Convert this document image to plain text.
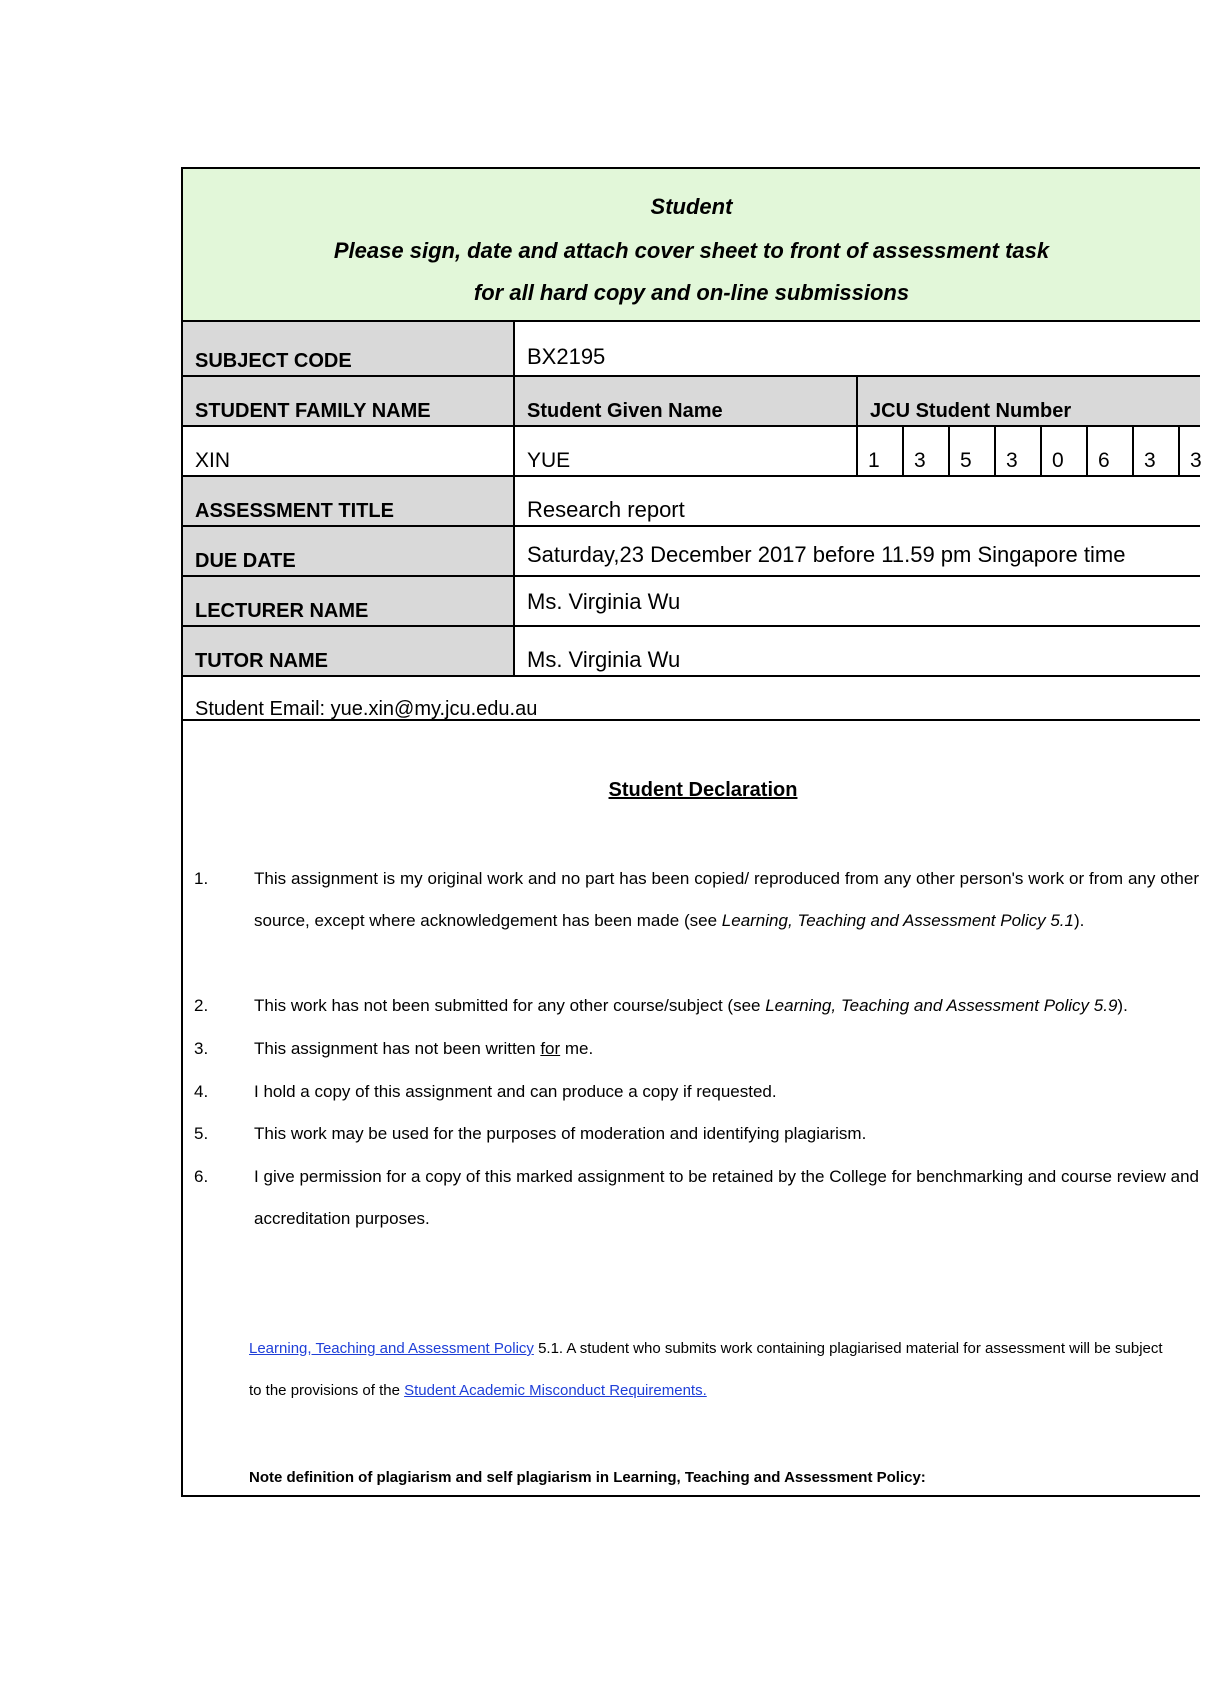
Student
Please sign, date and attach cover sheet to front of assessment task
for all hard copy and on-line submissions
SUBJECT CODE	BX2195
STUDENT FAMILY NAME	Student Given Name	JCU Student Number
XIN	YUE	1 3 5 3 0 6 3 3
ASSESSMENT TITLE	Research report
DUE DATE	Saturday,23 December 2017 before 11.59 pm Singapore time
LECTURER NAME	Ms. Virginia Wu
TUTOR NAME	Ms. Virginia Wu
Student Email: yue.xin@my.jcu.edu.au
Student Declaration
1.	This assignment is my original work and no part has been copied/ reproduced from any other person's work or from any other source, except where acknowledgement has been made (see Learning, Teaching and Assessment Policy 5.1).
2.	This work has not been submitted for any other course/subject (see Learning, Teaching and Assessment Policy 5.9).
3.	This assignment has not been written for me.
4.	I hold a copy of this assignment and can produce a copy if requested.
5.	This work may be used for the purposes of moderation and identifying plagiarism.
6.	I give permission for a copy of this marked assignment to be retained by the College for benchmarking and course review and accreditation purposes.
Learning, Teaching and Assessment Policy 5.1. A student who submits work containing plagiarised material for assessment will be subject to the provisions of the Student Academic Misconduct Requirements.
Note definition of plagiarism and self plagiarism in Learning, Teaching and Assessment Policy:
